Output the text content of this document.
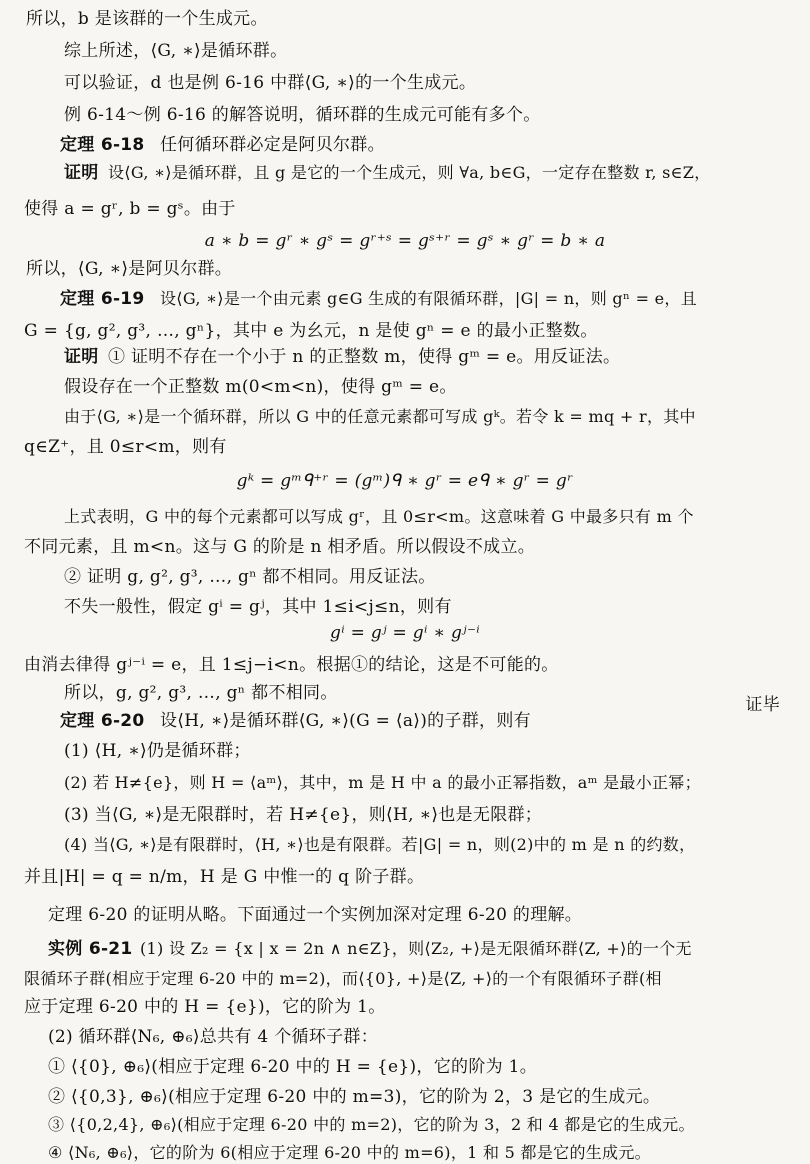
所以，b 是该群的一个生成元。
综上所述，⟨G, ∗⟩是循环群。
可以验证，d 也是例 6-16 中群⟨G, ∗⟩的一个生成元。
例 6-14～例 6-16 的解答说明，循环群的生成元可能有多个。
定理 6-18 任何循环群必定是阿贝尔群。
证明 设⟨G, ∗⟩是循环群，且 g 是它的一个生成元，则 ∀a, b∈G，一定存在整数 r, s∈Z，
使得 a = gʳ, b = gˢ。由于
a ∗ b = gʳ ∗ gˢ = gʳ⁺ˢ = gˢ⁺ʳ = gˢ ∗ gʳ = b ∗ a
所以，⟨G, ∗⟩是阿贝尔群。
定理 6-19 设⟨G, ∗⟩是一个由元素 g∈G 生成的有限循环群，|G| = n，则 gⁿ = e，且
G = {g, g², g³, …, gⁿ}，其中 e 为幺元，n 是使 gⁿ = e 的最小正整数。
证明 ① 证明不存在一个小于 n 的正整数 m，使得 gᵐ = e。用反证法。
假设存在一个正整数 m(0<m<n)，使得 gᵐ = e。
由于⟨G, ∗⟩是一个循环群，所以 G 中的任意元素都可写成 gᵏ。若令 k = mq + r，其中
q∈Z⁺，且 0≤r<m，则有
gᵏ = gᵐᑫ⁺ʳ = (gᵐ)ᑫ ∗ gʳ = eᑫ ∗ gʳ = gʳ
上式表明，G 中的每个元素都可以写成 gʳ，且 0≤r<m。这意味着 G 中最多只有 m 个
不同元素，且 m<n。这与 G 的阶是 n 相矛盾。所以假设不成立。
② 证明 g, g², g³, …, gⁿ 都不相同。用反证法。
不失一般性，假定 gⁱ = gʲ，其中 1≤i<j≤n，则有
gⁱ = gʲ = gⁱ ∗ gʲ⁻ⁱ
由消去律得 gʲ⁻ⁱ = e，且 1≤j−i<n。根据①的结论，这是不可能的。
所以，g, g², g³, …, gⁿ 都不相同。
证毕
定理 6-20 设⟨H, ∗⟩是循环群⟨G, ∗⟩(G = ⟨a⟩)的子群，则有
(1) ⟨H, ∗⟩仍是循环群；
(2) 若 H≠{e}，则 H = ⟨aᵐ⟩，其中，m 是 H 中 a 的最小正幂指数，aᵐ 是最小正幂；
(3) 当⟨G, ∗⟩是无限群时，若 H≠{e}，则⟨H, ∗⟩也是无限群；
(4) 当⟨G, ∗⟩是有限群时，⟨H, ∗⟩也是有限群。若|G| = n，则(2)中的 m 是 n 的约数，
并且|H| = q = n/m，H 是 G 中惟一的 q 阶子群。
定理 6-20 的证明从略。下面通过一个实例加深对定理 6-20 的理解。
实例 6-21 (1) 设 Z₂ = {x | x = 2n ∧ n∈Z}，则⟨Z₂, +⟩是无限循环群⟨Z, +⟩的一个无
限循环子群(相应于定理 6-20 中的 m=2)，而⟨{0}, +⟩是⟨Z, +⟩的一个有限循环子群(相
应于定理 6-20 中的 H = {e})，它的阶为 1。
(2) 循环群⟨N₆, ⊕₆⟩总共有 4 个循环子群：
① ⟨{0}, ⊕₆⟩(相应于定理 6-20 中的 H = {e})，它的阶为 1。
② ⟨{0,3}, ⊕₆⟩(相应于定理 6-20 中的 m=3)，它的阶为 2，3 是它的生成元。
③ ⟨{0,2,4}, ⊕₆⟩(相应于定理 6-20 中的 m=2)，它的阶为 3，2 和 4 都是它的生成元。
④ ⟨N₆, ⊕₆⟩，它的阶为 6(相应于定理 6-20 中的 m=6)，1 和 5 都是它的生成元。
